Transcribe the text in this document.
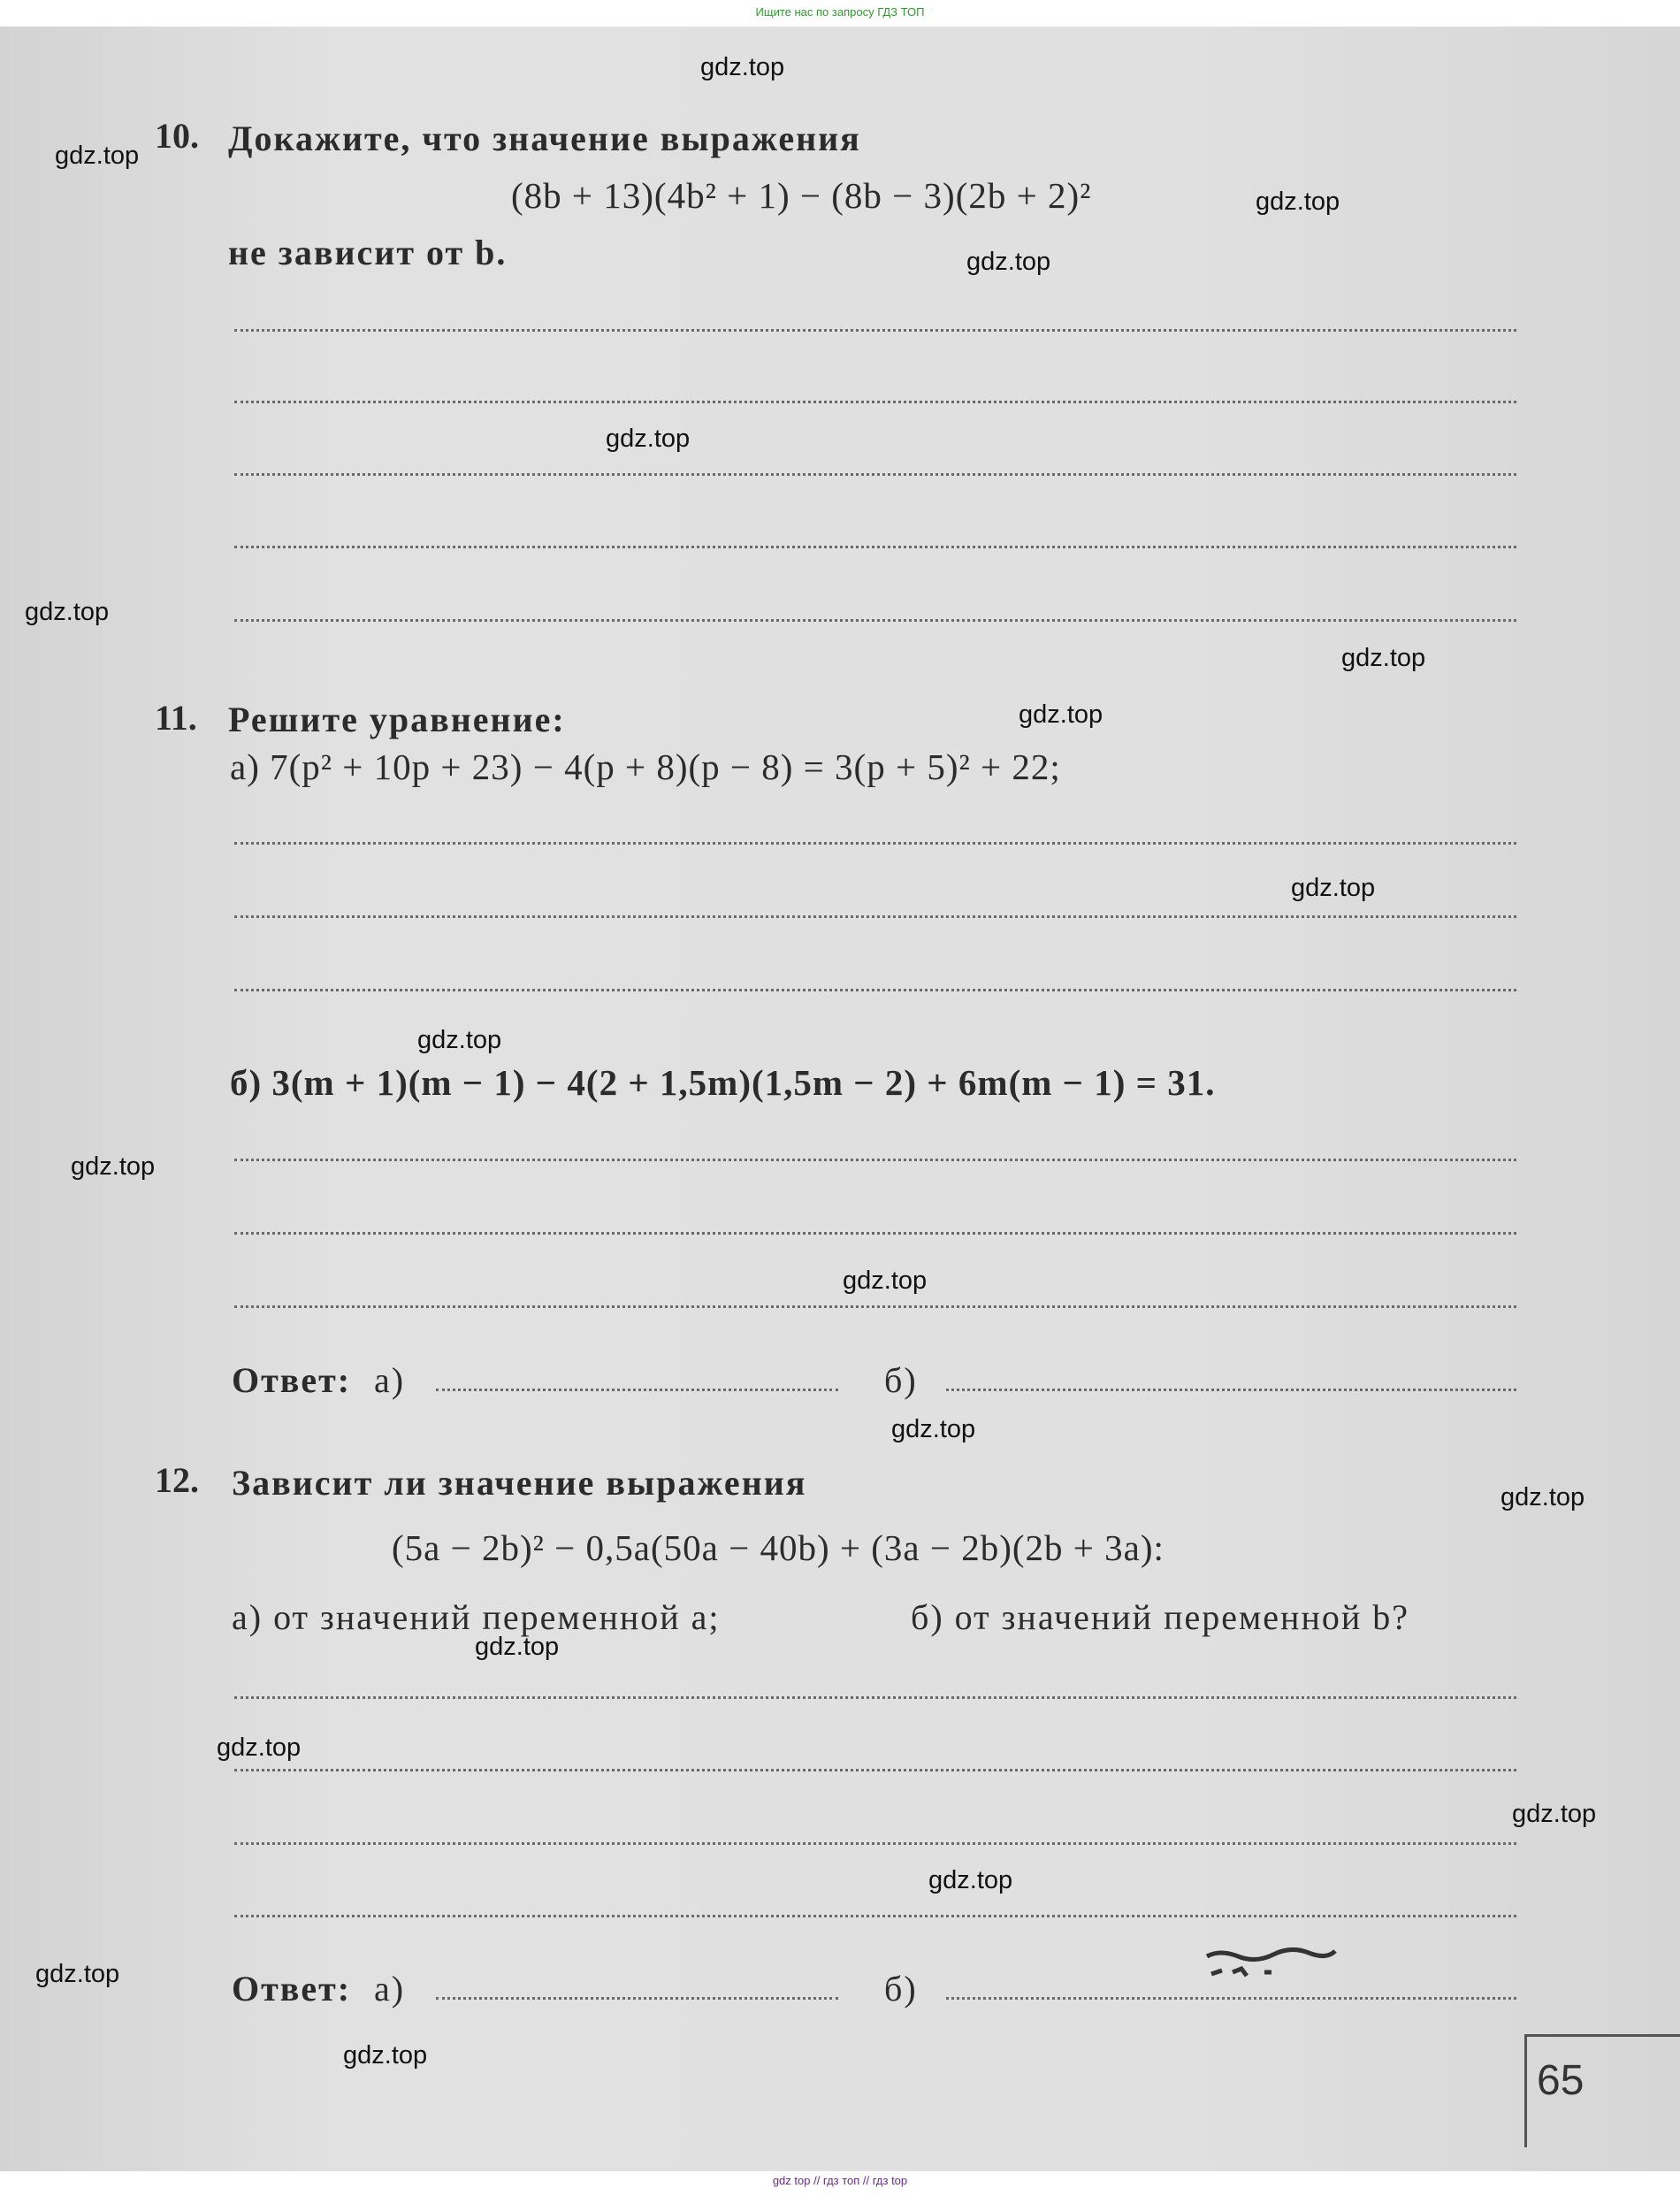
Ищите нас по запросу ГДЗ ТОП
10. Докажите, что значение выражения
(8b + 13)(4b² + 1) − (8b − 3)(2b + 2)²
не зависит от b.
11. Решите уравнение:
а) 7(p² + 10p + 23) − 4(p + 8)(p − 8) = 3(p + 5)² + 22;
б) 3(m + 1)(m − 1) − 4(2 + 1,5m)(1,5m − 2) + 6m(m − 1) = 31.
Ответ: а)	б)
12. Зависит ли значение выражения
(5a − 2b)² − 0,5a(50a − 40b) + (3a − 2b)(2b + 3a):
а) от значений переменной a;	б) от значений переменной b?
Ответ: а)	б)
65
gdz.top
gdz.top
gdz.top
gdz.top
gdz.top
gdz.top
gdz.top
gdz.top
gdz.top
gdz.top
gdz.top
gdz.top
gdz.top
gdz.top
gdz.top
gdz.top
gdz.top
gdz.top
gdz.top
gdz.top
gdz top // гдз топ // гдз top
